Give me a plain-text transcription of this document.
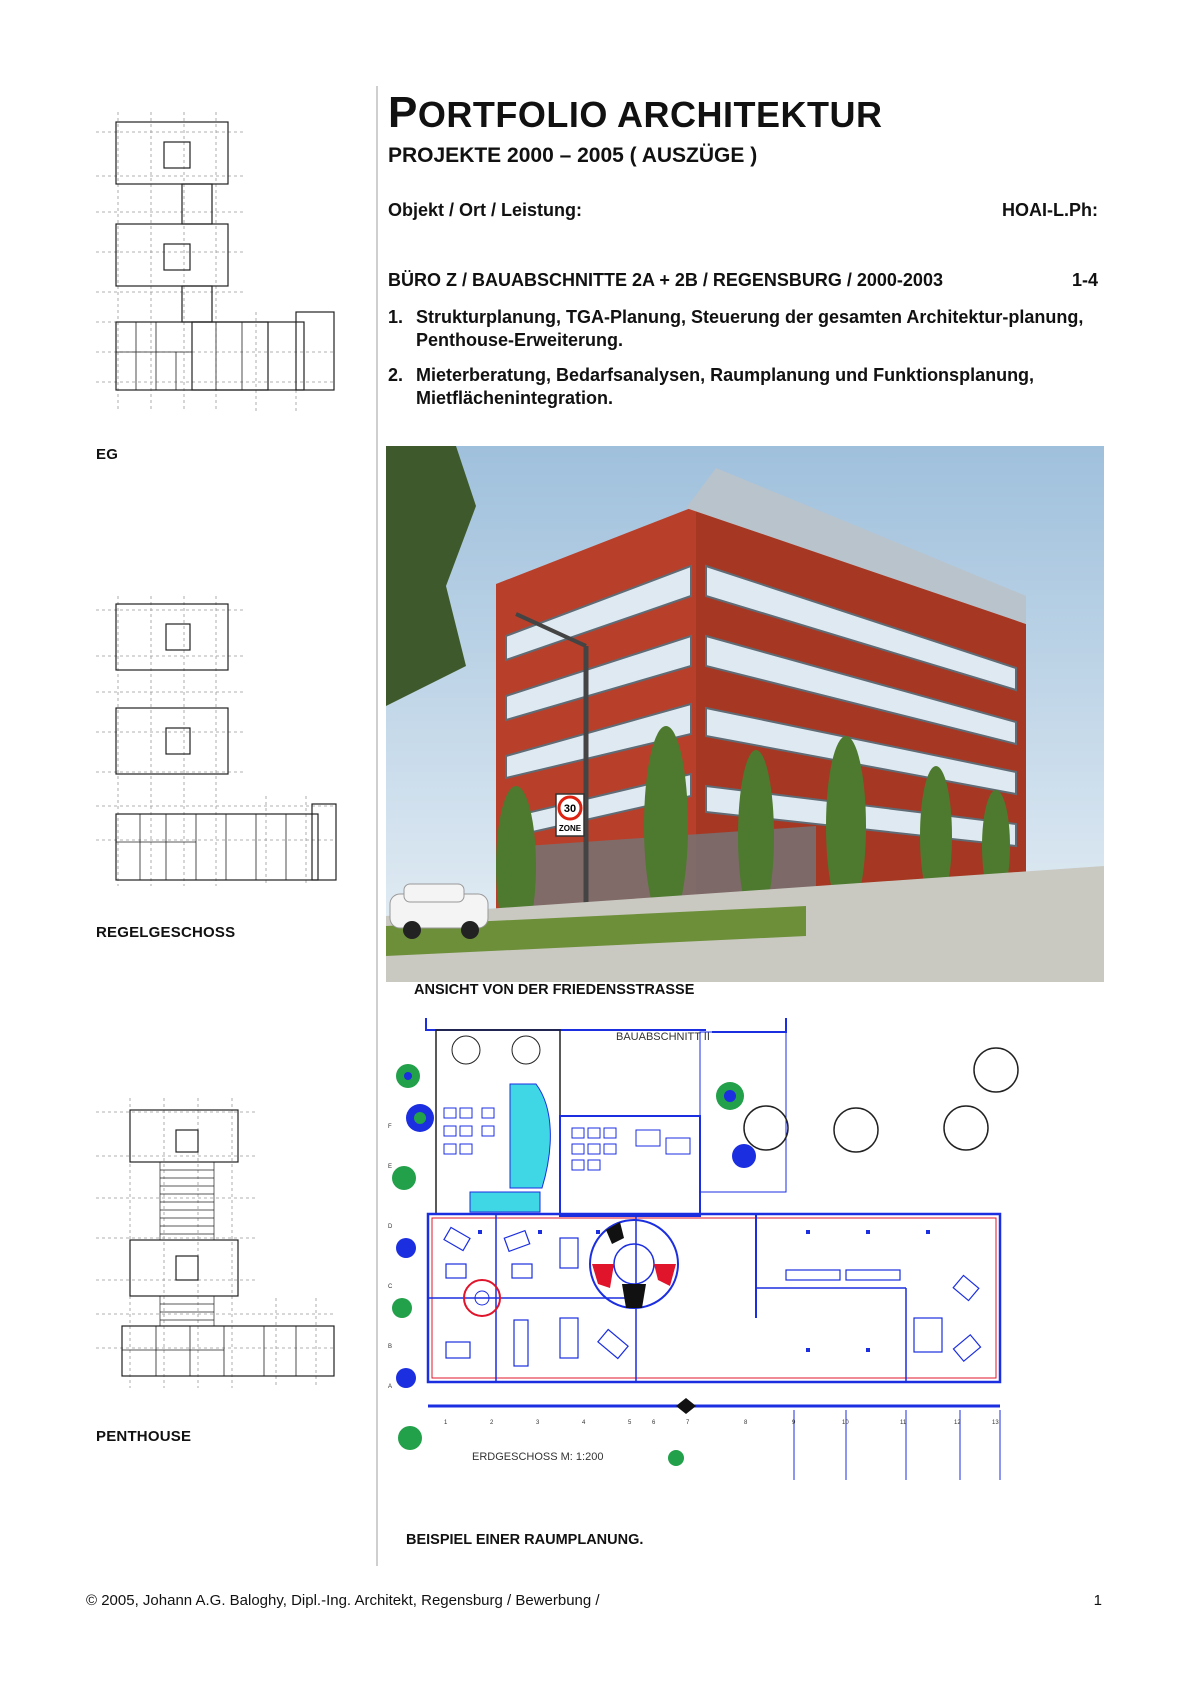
EG
REGELGESCHOSS
PENTHOUSE
PORTFOLIO ARCHITEKTUR
PROJEKTE 2000 – 2005 ( AUSZÜGE )
Objekt / Ort / Leistung:	HOAI-L.Ph:
BÜRO Z / BAUABSCHNITTE 2A + 2B / REGENSBURG / 2000-2003	1-4
1. Strukturplanung, TGA-Planung, Steuerung der gesamten Architektur-planung, Penthouse-Erweiterung.
2. Mieterberatung, Bedarfsanalysen, Raumplanung und Funktionsplanung, Mietflächenintegration.
30
ZONE
ANSICHT VON DER FRIEDENSSTRASSE
BAUABSCHNITT II
1	2	3	4	5	6	7	8	9	10	11	12	13
F
E
D
C
B
A
ERDGESCHOSS M: 1:200
BEISPIEL EINER RAUMPLANUNG.
© 2005, Johann A.G. Baloghy, Dipl.-Ing. Architekt, Regensburg / Bewerbung /	1
